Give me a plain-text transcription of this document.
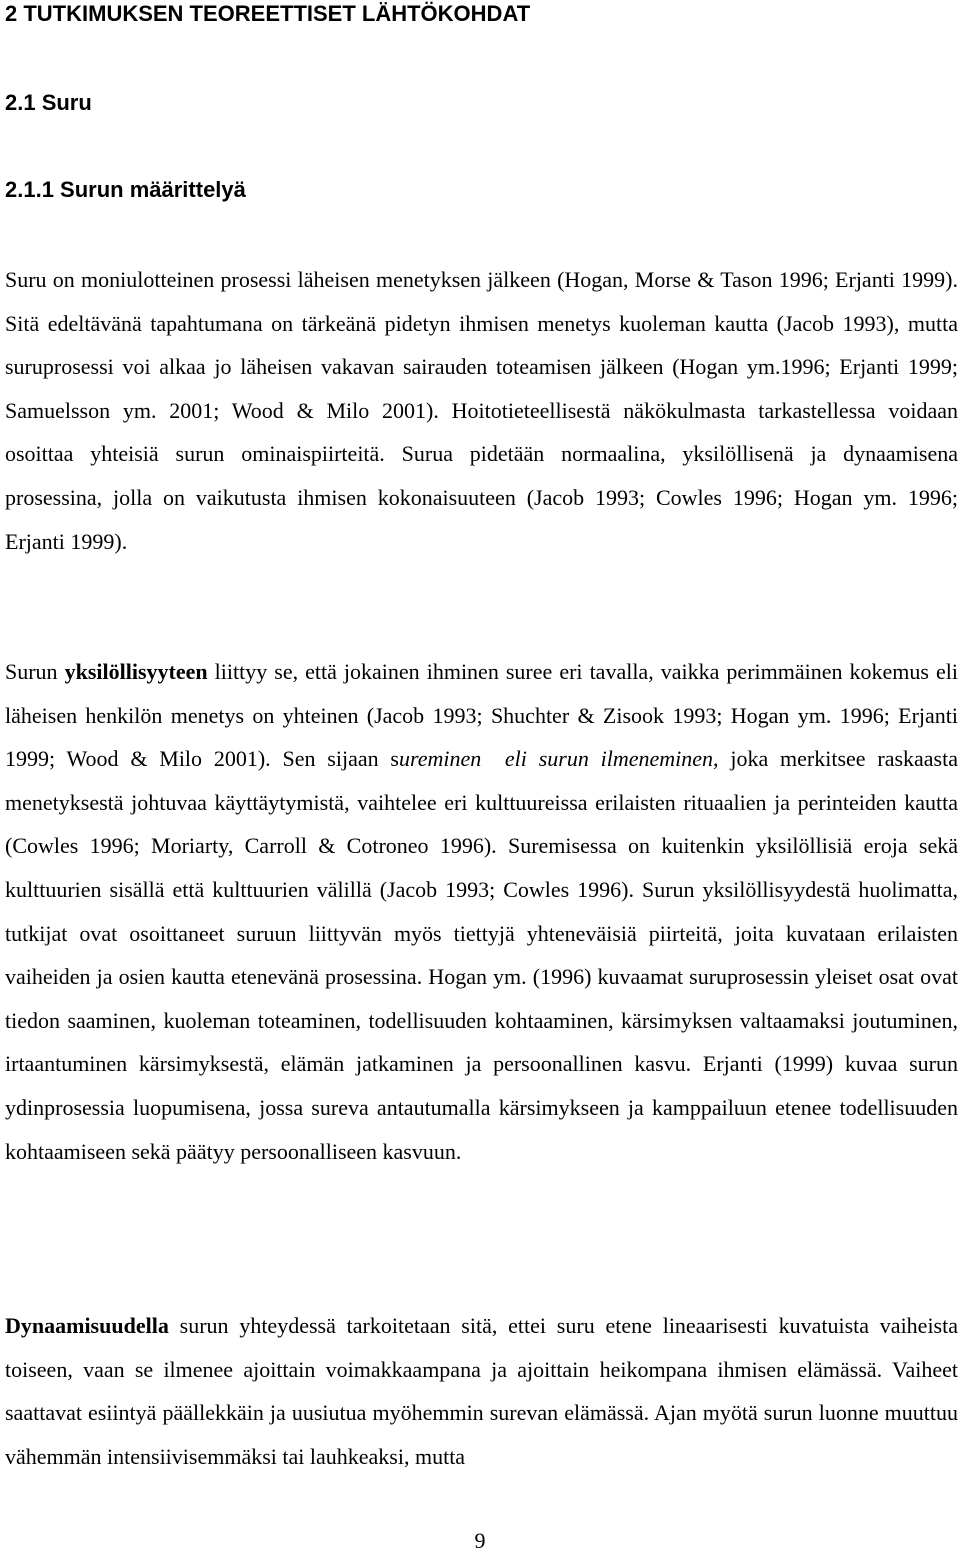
2 TUTKIMUKSEN TEOREETTISET LÄHTÖKOHDAT
2.1 Suru
2.1.1 Surun määrittelyä

Suru on moniulotteinen prosessi läheisen menetyksen jälkeen (Hogan, Morse & Tason 1996; Erjanti 1999). Sitä edeltävänä tapahtumana on tärkeänä pidetyn ihmisen menetys kuoleman kautta (Jacob 1993), mutta suruprosessi voi alkaa jo läheisen vakavan sairauden toteamisen jälkeen (Hogan ym.1996; Erjanti 1999; Samuelsson ym. 2001; Wood & Milo 2001). Hoitotieteellisestä näkökulmasta tarkastellessa voidaan osoittaa yhteisiä surun ominaispiirteitä. Surua pidetään normaalina, yksilöllisenä ja dynaamisena prosessina, jolla on vaikutusta ihmisen kokonaisuuteen (Jacob 1993; Cowles 1996; Hogan ym. 1996; Erjanti 1999).

Surun yksilöllisyyteen liittyy se, että jokainen ihminen suree eri tavalla, vaikka perimmäinen kokemus eli läheisen henkilön menetys on yhteinen (Jacob 1993; Shuchter & Zisook 1993; Hogan ym. 1996; Erjanti 1999; Wood & Milo 2001). Sen sijaan sureminen eli surun ilmeneminen, joka merkitsee raskaasta menetyksestä johtuvaa käyttäytymistä, vaihtelee eri kulttuureissa erilaisten rituaalien ja perinteiden kautta (Cowles 1996; Moriarty, Carroll & Cotroneo 1996). Suremisessa on kuitenkin yksilöllisiä eroja sekä kulttuurien sisällä että kulttuurien välillä (Jacob 1993; Cowles 1996). Surun yksilöllisyydestä huolimatta, tutkijat ovat osoittaneet suruun liittyvän myös tiettyjä yhteneväisiä piirteitä, joita kuvataan erilaisten vaiheiden ja osien kautta etenevänä prosessina. Hogan ym. (1996) kuvaamat suruprosessin yleiset osat ovat tiedon saaminen, kuoleman toteaminen, todellisuuden kohtaaminen, kärsimyksen valtaamaksi joutuminen, irtaantuminen kärsimyksestä, elämän jatkaminen ja persoonallinen kasvu. Erjanti (1999) kuvaa surun ydinprosessia luopumisena, jossa sureva antautumalla kärsimykseen ja kamppailuun etenee todellisuuden kohtaamiseen sekä päätyy persoonalliseen kasvuun.

Dynaamisuudella surun yhteydessä tarkoitetaan sitä, ettei suru etene lineaarisesti kuvatuista vaiheista toiseen, vaan se ilmenee ajoittain voimakkaampana ja ajoittain heikompana ihmisen elämässä. Vaiheet saattavat esiintyä päällekkäin ja uusiutua myöhemmin surevan elämässä. Ajan myötä surun luonne muuttuu vähemmän intensiivisemmäksi tai lauhkeaksi, mutta

9
